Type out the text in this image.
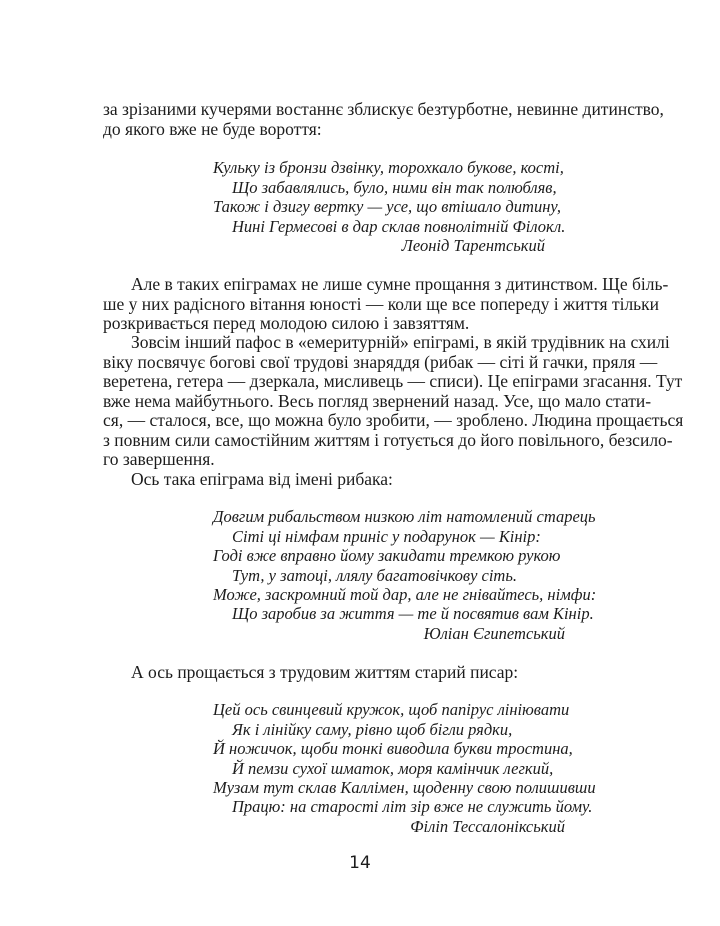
за зрізаними кучерями востаннє зблискує безтурботне, невинне дитинство,
до якого вже не буде вороття:
Кульку із бронзи дзвінку, торохкало букове, кості,
Що забавлялись, було, ними він так полюбляв,
Також і дзигу вертку — усе, що втішало дитину,
Нині Гермесові в дар склав повнолітній Філокл.
Леонід Тарентський
Але в таких епіграмах не лише сумне прощання з дитинством. Ще біль-
ше у них радісного вітання юності — коли ще все попереду і життя тільки
розкривається перед молодою силою і завзяттям.
Зовсім інший пафос в «емеритурній» епіграмі, в якій трудівник на схилі
віку посвячує богові свої трудові знаряддя (рибак — сіті й гачки, пряля —
веретена, гетера — дзеркала, мисливець — списи). Це епіграми згасання. Тут
вже нема майбутнього. Весь погляд звернений назад. Усе, що мало стати-
ся, — сталося, все, що можна було зробити, — зроблено. Людина прощається
з повним сили самостійним життям і готується до його повільного, безсило-
го завершення.
Ось така епіграма від імені рибака:
Довгим рибальством низкою літ натомлений старець
Сіті ці німфам приніс у подарунок — Кінір:
Годі вже вправно йому закидати тремкою рукою
Тут, у затоці, ллялу багатовічкову сіть.
Може, заскромний той дар, але не гнівайтесь, німфи:
Що заробив за життя — те й посвятив вам Кінір.
Юліан Єгипетський
А ось прощається з трудовим життям старий писар:
Цей ось свинцевий кружок, щоб папірус лініювати
Як і лінійку саму, рівно щоб бігли рядки,
Й ножичок, щоби тонкі виводила букви тростина,
Й пемзи сухої шматок, моря камінчик легкий,
Музам тут склав Каллімен, щоденну свою полишивши
Працю: на старості літ зір вже не служить йому.
Філіп Тессалонікський
14
